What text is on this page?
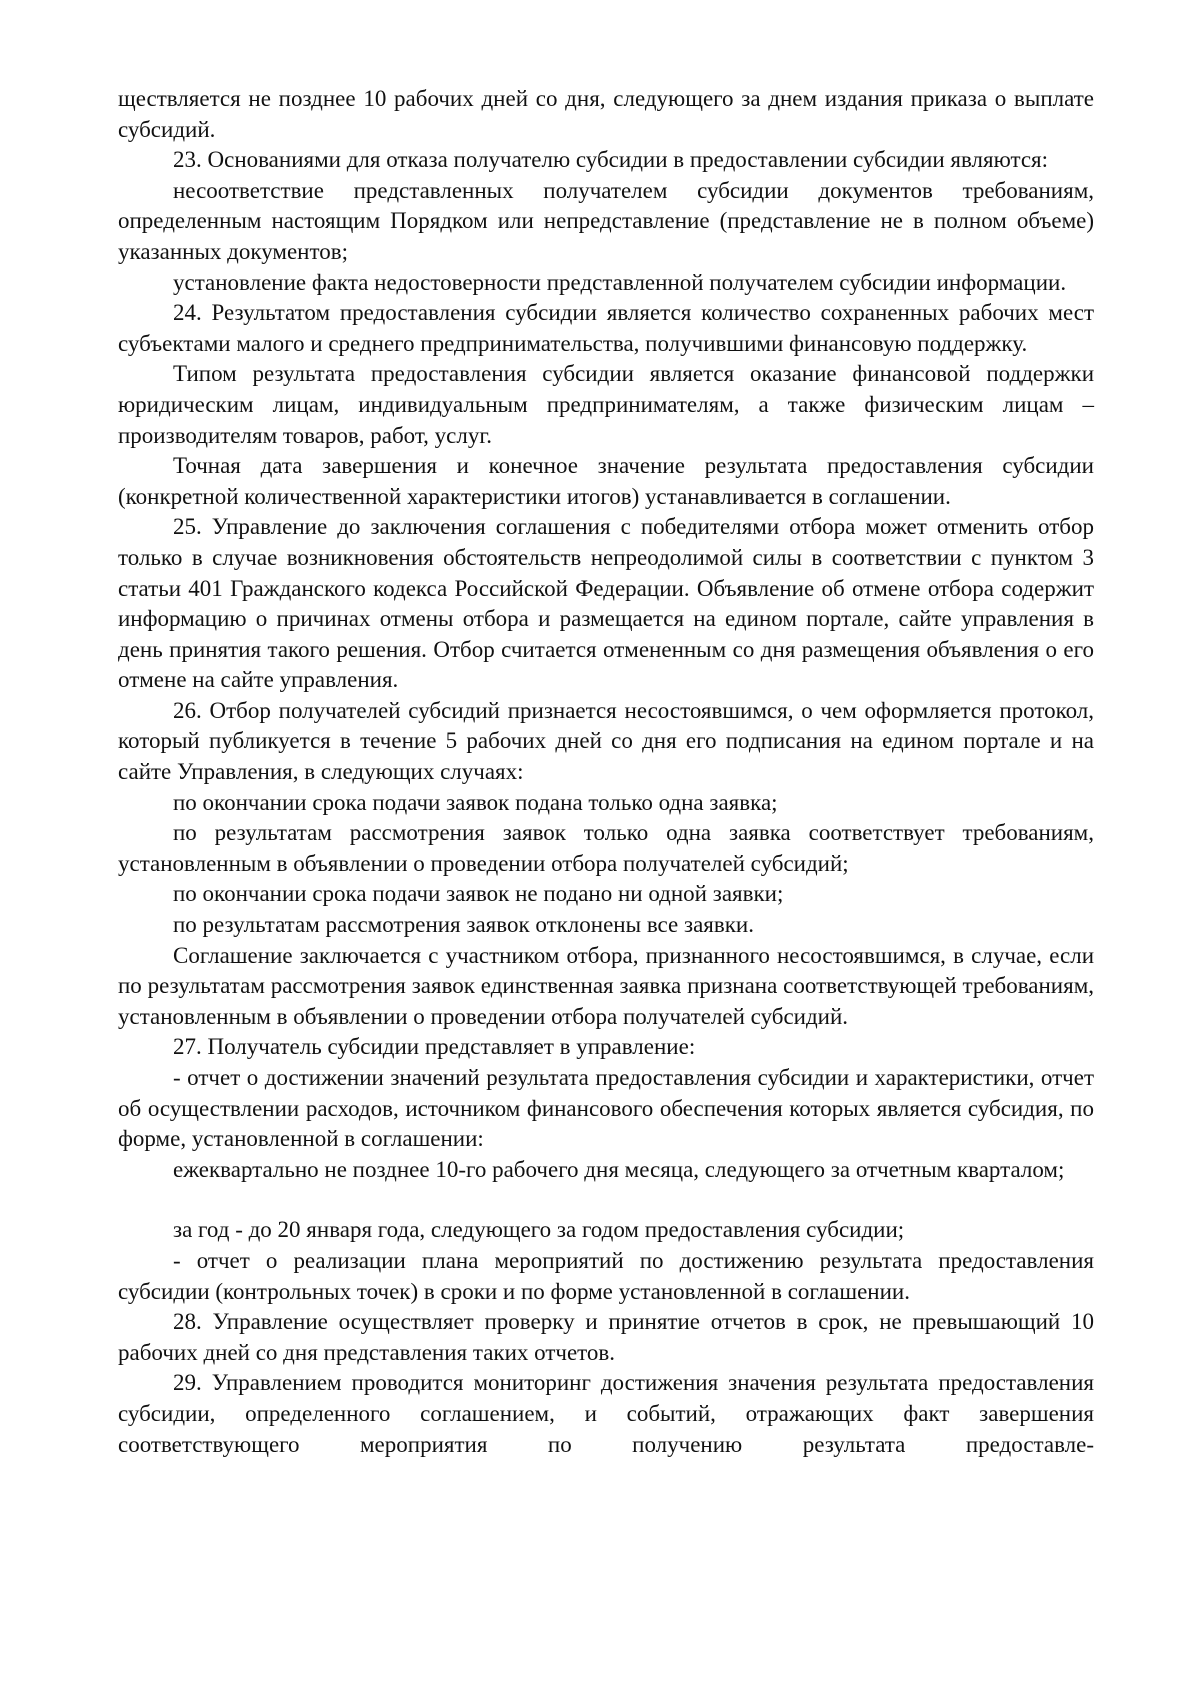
ществляется не позднее 10 рабочих дней со дня, следующего за днем издания приказа о выплате субсидий.

23. Основаниями для отказа получателю субсидии в предоставлении субсидии являются:

несоответствие представленных получателем субсидии документов требованиям, определенным настоящим Порядком или непредставление (представление не в полном объеме) указанных документов;

установление факта недостоверности представленной получателем субсидии информации.

24. Результатом предоставления субсидии является количество сохраненных рабочих мест субъектами малого и среднего предпринимательства, получившими финансовую поддержку.

Типом результата предоставления субсидии является оказание финансовой поддержки юридическим лицам, индивидуальным предпринимателям, а также физическим лицам – производителям товаров, работ, услуг.

Точная дата завершения и конечное значение результата предоставления субсидии (конкретной количественной характеристики итогов) устанавливается в соглашении.

25. Управление до заключения соглашения с победителями отбора может отменить отбор только в случае возникновения обстоятельств непреодолимой силы в соответствии с пунктом 3 статьи 401 Гражданского кодекса Российской Федерации. Объявление об отмене отбора содержит информацию о причинах отмены отбора и размещается на едином портале, сайте управления в день принятия такого решения. Отбор считается отмененным со дня размещения объявления о его отмене на сайте управления.

26. Отбор получателей субсидий признается несостоявшимся, о чем оформляется протокол, который публикуется в течение 5 рабочих дней со дня его подписания на едином портале и на сайте Управления, в следующих случаях:

по окончании срока подачи заявок подана только одна заявка;

по результатам рассмотрения заявок только одна заявка соответствует требованиям, установленным в объявлении о проведении отбора получателей субсидий;

по окончании срока подачи заявок не подано ни одной заявки;

по результатам рассмотрения заявок отклонены все заявки.

Соглашение заключается с участником отбора, признанного несостоявшимся, в случае, если по результатам рассмотрения заявок единственная заявка признана соответствующей требованиям, установленным в объявлении о проведении отбора получателей субсидий.

27. Получатель субсидии представляет в управление:

- отчет о достижении значений результата предоставления субсидии и характеристики, отчет об осуществлении расходов, источником финансового обеспечения которых является субсидия, по форме, установленной в соглашении:

ежеквартально не позднее 10-го рабочего дня месяца, следующего за отчетным кварталом;

за год - до 20 января года, следующего за годом предоставления субсидии;

- отчет о реализации плана мероприятий по достижению результата предоставления субсидии (контрольных точек) в сроки и по форме установленной в соглашении.

28. Управление осуществляет проверку и принятие отчетов в срок, не превышающий 10 рабочих дней со дня представления таких отчетов.

29. Управлением проводится мониторинг достижения значения результата предоставления субсидии, определенного соглашением, и событий, отражающих факт завершения соответствующего мероприятия по получению результата предоставле-
